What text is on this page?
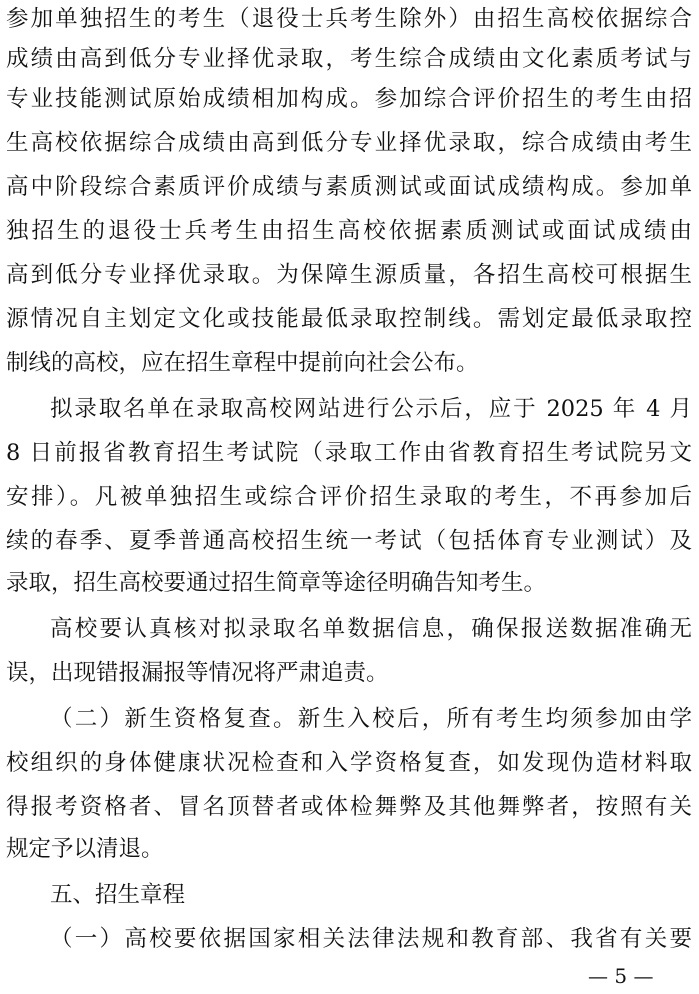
参加单独招生的考生（退役士兵考生除外）由招生高校依据综合
成绩由高到低分专业择优录取，考生综合成绩由文化素质考试与
专业技能测试原始成绩相加构成。参加综合评价招生的考生由招
生高校依据综合成绩由高到低分专业择优录取，综合成绩由考生
高中阶段综合素质评价成绩与素质测试或面试成绩构成。参加单
独招生的退役士兵考生由招生高校依据素质测试或面试成绩由
高到低分专业择优录取。为保障生源质量，各招生高校可根据生
源情况自主划定文化或技能最低录取控制线。需划定最低录取控
制线的高校，应在招生章程中提前向社会公布。
拟录取名单在录取高校网站进行公示后，应于 2025 年 4 月
8 日前报省教育招生考试院（录取工作由省教育招生考试院另文
安排）。凡被单独招生或综合评价招生录取的考生，不再参加后
续的春季、夏季普通高校招生统一考试（包括体育专业测试）及
录取，招生高校要通过招生简章等途径明确告知考生。
高校要认真核对拟录取名单数据信息，确保报送数据准确无
误，出现错报漏报等情况将严肃追责。
（二）新生资格复查。新生入校后，所有考生均须参加由学
校组织的身体健康状况检查和入学资格复查，如发现伪造材料取
得报考资格者、冒名顶替者或体检舞弊及其他舞弊者，按照有关
规定予以清退。
五、招生章程
（一）高校要依据国家相关法律法规和教育部、我省有关要
— 5 —
